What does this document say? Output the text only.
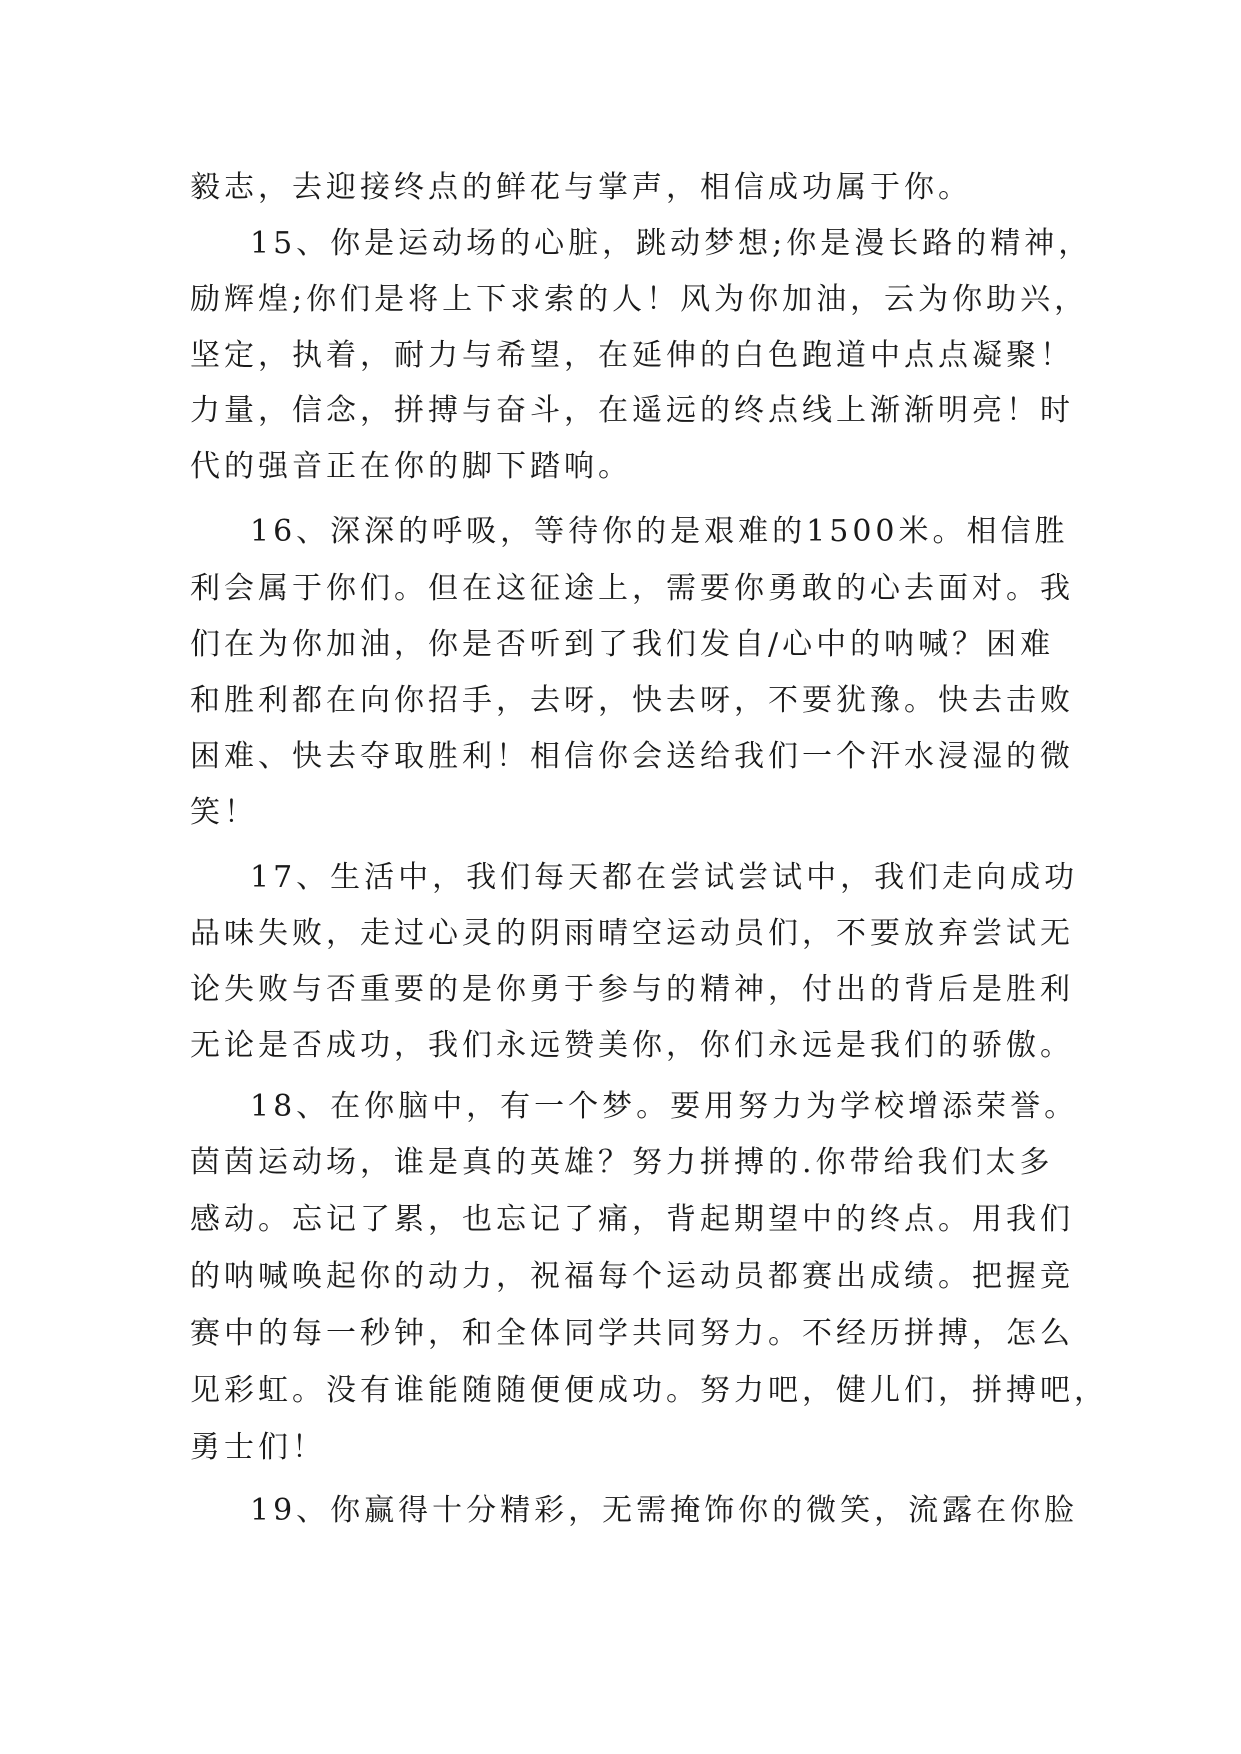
毅志，去迎接终点的鲜花与掌声，相信成功属于你。
15、你是运动场的心脏，跳动梦想;你是漫长路的精神，
励辉煌;你们是将上下求索的人！风为你加油，云为你助兴，
坚定，执着，耐力与希望，在延伸的白色跑道中点点凝聚！
力量，信念，拼搏与奋斗，在遥远的终点线上渐渐明亮！时
代的强音正在你的脚下踏响。
16、深深的呼吸，等待你的是艰难的1500米。相信胜
利会属于你们。但在这征途上，需要你勇敢的心去面对。我
们在为你加油，你是否听到了我们发自/心中的呐喊？困难
和胜利都在向你招手，去呀，快去呀，不要犹豫。快去击败
困难、快去夺取胜利！相信你会送给我们一个汗水浸湿的微
笑！
17、生活中，我们每天都在尝试尝试中，我们走向成功
品味失败，走过心灵的阴雨晴空运动员们，不要放弃尝试无
论失败与否重要的是你勇于参与的精神，付出的背后是胜利
无论是否成功，我们永远赞美你，你们永远是我们的骄傲。
18、在你脑中，有一个梦。要用努力为学校增添荣誉。
茵茵运动场，谁是真的英雄？努力拼搏的.你带给我们太多
感动。忘记了累，也忘记了痛，背起期望中的终点。用我们
的呐喊唤起你的动力，祝福每个运动员都赛出成绩。把握竞
赛中的每一秒钟，和全体同学共同努力。不经历拼搏，怎么
见彩虹。没有谁能随随便便成功。努力吧，健儿们，拼搏吧，
勇士们！
19、你赢得十分精彩，无需掩饰你的微笑，流露在你脸
